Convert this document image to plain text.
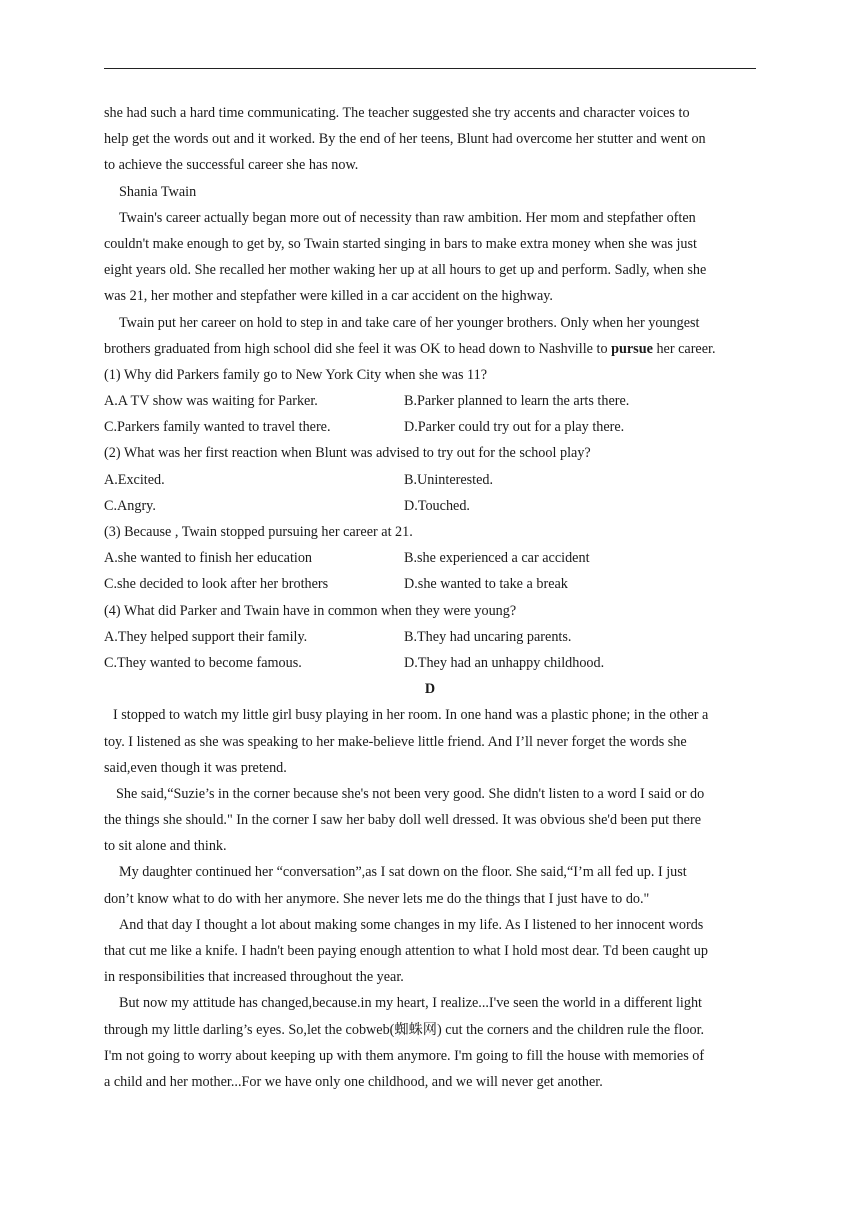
she had such a hard time communicating. The teacher suggested she try accents and character voices to
help get the words out and it worked. By the end of her teens, Blunt had overcome her stutter and went on
to achieve the successful career she has now.
Shania Twain
Twain's career actually began more out of necessity than raw ambition. Her mom and stepfather often
couldn't make enough to get by, so Twain started singing in bars to make extra money when she was just
eight years old. She recalled her mother waking her up at all hours to get up and perform. Sadly, when she
was 21, her mother and stepfather were killed in a car accident on the highway.
Twain put her career on hold to step in and take care of her younger brothers. Only when her youngest
brothers graduated from high school did she feel it was OK to head down to Nashville to pursue her career.
(1) Why did Parkers family go to New York City when she was 11?
A.A TV show was waiting for Parker.	B.Parker planned to learn the arts there.
C.Parkers family wanted to travel there.	D.Parker could try out for a play there.
(2) What was her first reaction when Blunt was advised to try out for the school play?
A.Excited.	B.Uninterested.
C.Angry.	D.Touched.
(3) Because , Twain stopped pursuing her career at 21.
A.she wanted to finish her education	B.she experienced a car accident
C.she decided to look after her brothers	D.she wanted to take a break
(4) What did Parker and Twain have in common when they were young?
A.They helped support their family.	B.They had uncaring parents.
C.They wanted to become famous.	D.They had an unhappy childhood.
D
I stopped to watch my little girl busy playing in her room. In one hand was a plastic phone; in the other a
toy. I listened as she was speaking to her make-believe little friend. And I’ll never forget the words she
said,even though it was pretend.
She said,“Suzie’s in the corner because she's not been very good. She didn't listen to a word I said or do
the things she should." In the corner I saw her baby doll well dressed. It was obvious she'd been put there
to sit alone and think.
My daughter continued her “conversation”,as I sat down on the floor. She said,“I’m all fed up. I just
don’t know what to do with her anymore. She never lets me do the things that I just have to do."
And that day I thought a lot about making some changes in my life. As I listened to her innocent words
that cut me like a knife. I hadn't been paying enough attention to what I hold most dear. Td been caught up
in responsibilities that increased throughout the year.
But now my attitude has changed,because.in my heart, I realize...I've seen the world in a different light
through my little darling’s eyes. So,let the cobweb(蜘蛛网) cut the corners and the children rule the floor.
I'm not going to worry about keeping up with them anymore. I'm going to fill the house with memories of
a child and her mother...For we have only one childhood, and we will never get another.
